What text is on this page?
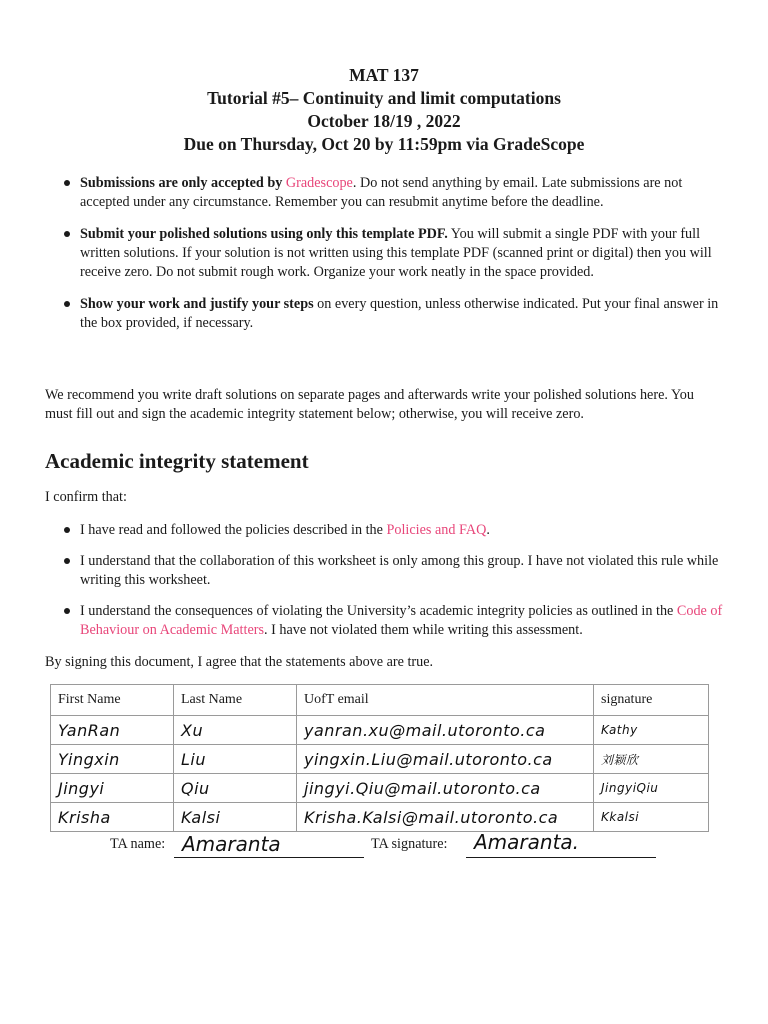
MAT 137
Tutorial #5– Continuity and limit computations
October 18/19 , 2022
Due on Thursday, Oct 20 by 11:59pm via GradeScope
Submissions are only accepted by Gradescope. Do not send anything by email. Late submissions are not accepted under any circumstance. Remember you can resubmit anytime before the deadline.
Submit your polished solutions using only this template PDF. You will submit a single PDF with your full written solutions. If your solution is not written using this template PDF (scanned print or digital) then you will receive zero. Do not submit rough work. Organize your work neatly in the space provided.
Show your work and justify your steps on every question, unless otherwise indicated. Put your final answer in the box provided, if necessary.
We recommend you write draft solutions on separate pages and afterwards write your polished solutions here. You must fill out and sign the academic integrity statement below; otherwise, you will receive zero.
Academic integrity statement
I confirm that:
I have read and followed the policies described in the Policies and FAQ.
I understand that the collaboration of this worksheet is only among this group. I have not violated this rule while writing this worksheet.
I understand the consequences of violating the University’s academic integrity policies as outlined in the Code of Behaviour on Academic Matters. I have not violated them while writing this assessment.
By signing this document, I agree that the statements above are true.
First Name	Last Name	UofT email	signature
YanRan	Xu	yanran.xu@mail.utoronto.ca	Kathy
Yingxin	Liu	yingxin.Liu@mail.utoronto.ca	刘颖欣
Jingyi	Qiu	jingyi.Qiu@mail.utoronto.ca	JingyiQiu
Krisha	Kalsi	Krisha.Kalsi@mail.utoronto.ca	Kkalsi
TA name: Amaranta	TA signature: Amaranta.
